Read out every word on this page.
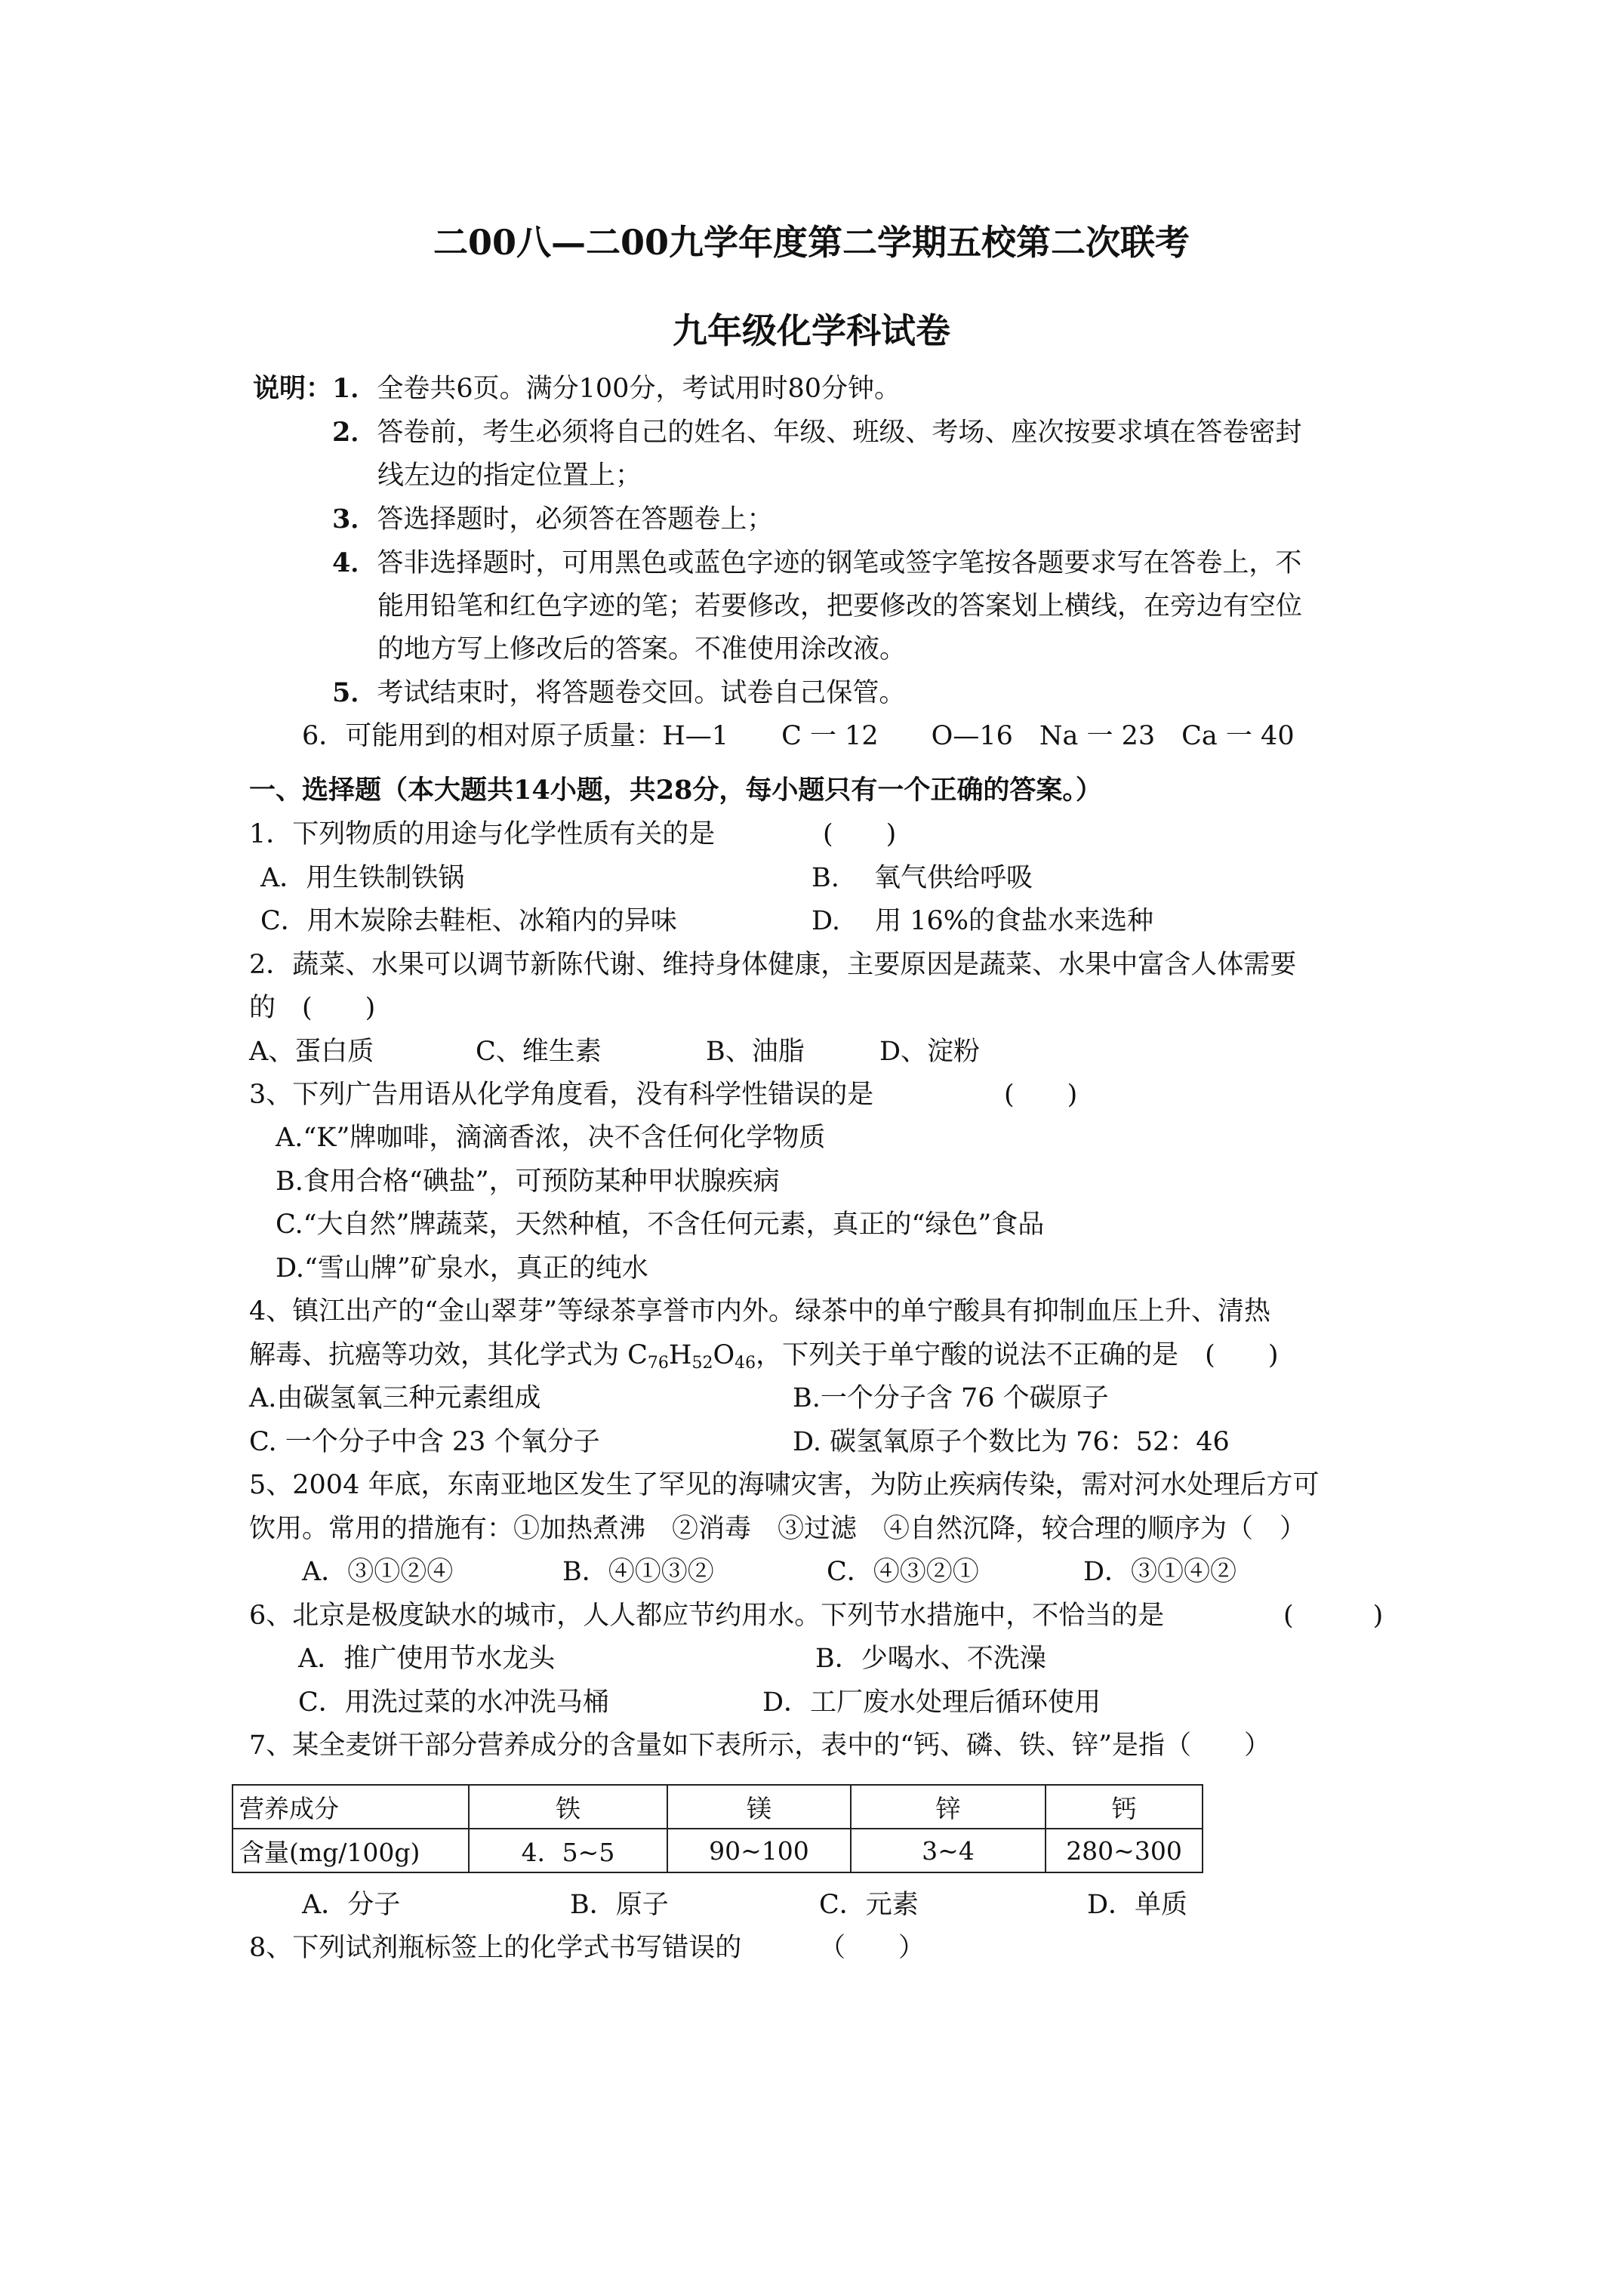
二00八—二00九学年度第二学期五校第二次联考
九年级化学科试卷
说明：1．全卷共6页。满分100分，考试用时80分钟。
2．答卷前，考生必须将自己的姓名、年级、班级、考场、座次按要求填在答卷密封
线左边的指定位置上；
3．答选择题时，必须答在答题卷上；
4．答非选择题时，可用黑色或蓝色字迹的钢笔或签字笔按各题要求写在答卷上，不
能用铅笔和红色字迹的笔；若要修改，把要修改的答案划上横线，在旁边有空位
的地方写上修改后的答案。不准使用涂改液。
5．考试结束时，将答题卷交回。试卷自己保管。
6．可能用到的相对原子质量：H—1　　C 一 12　　O—16　Na 一 23　Ca 一 40
一、选择题（本大题共14小题，共28分，每小题只有一个正确的答案。）
1．下列物质的用途与化学性质有关的是	(　　)
A．用生铁制铁锅	B.　 氧气供给呼吸
C．用木炭除去鞋柜、冰箱内的异味	D.　 用 16%的食盐水来选种
2．蔬菜、水果可以调节新陈代谢、维持身体健康，主要原因是蔬菜、水果中富含人体需要
的　(　　)
A、蛋白质	C、维生素	B、油脂	D、淀粉
3、下列广告用语从化学角度看，没有科学性错误的是	(　　)
A.“K”牌咖啡，滴滴香浓，决不含任何化学物质
B.食用合格“碘盐”，可预防某种甲状腺疾病
C.“大自然”牌蔬菜，天然种植，不含任何元素，真正的“绿色”食品
D.“雪山牌”矿泉水，真正的纯水
4、镇江出产的“金山翠芽”等绿茶享誉市内外。绿茶中的单宁酸具有抑制血压上升、清热
解毒、抗癌等功效，其化学式为 $C_{76}H_{52}O_{46}$，下列关于单宁酸的说法不正确的是　(　　)
A.由碳氢氧三种元素组成	B.一个分子含 76 个碳原子
C. 一个分子中含 23 个氧分子	D. 碳氢氧原子个数比为 76：52：46
5、2004 年底，东南亚地区发生了罕见的海啸灾害，为防止疾病传染，需对河水处理后方可
饮用。常用的措施有：①加热煮沸　②消毒　③过滤　④自然沉降，较合理的顺序为（　）
A．③①②④	B．④①③②	C．④③②①	D．③①④②
6、北京是极度缺水的城市，人人都应节约用水。下列节水措施中，不恰当的是	(　　　)
A．推广使用节水龙头	B．少喝水、不洗澡
C．用洗过菜的水冲洗马桶	D．工厂废水处理后循环使用
7、某全麦饼干部分营养成分的含量如下表所示，表中的“钙、磷、铁、锌”是指（　　）
营养成分	铁	镁	锌	钙
含量(mg/100g)	4．5~5	90~100	3~4	280~300
A．分子	B．原子	C．元素	D．单质
8、下列试剂瓶标签上的化学式书写错误的	（　　）
